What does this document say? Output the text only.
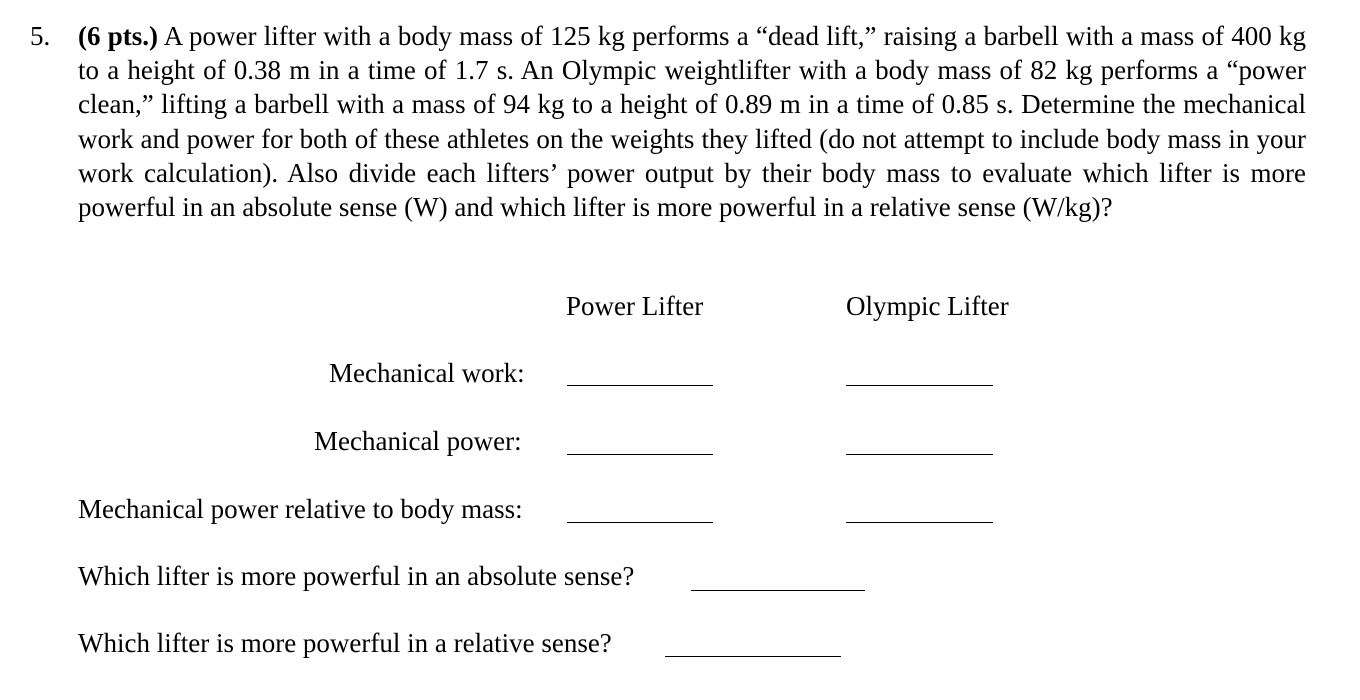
5. (6 pts.) A power lifter with a body mass of 125 kg performs a “dead lift,” raising a barbell with a mass of 400 kg to a height of 0.38 m in a time of 1.7 s. An Olympic weightlifter with a body mass of 82 kg performs a “power clean,” lifting a barbell with a mass of 94 kg to a height of 0.89 m in a time of 0.85 s. Determine the mechanical work and power for both of these athletes on the weights they lifted (do not attempt to include body mass in your work calculation). Also divide each lifters’ power output by their body mass to evaluate which lifter is more powerful in an absolute sense (W) and which lifter is more powerful in a relative sense (W/kg)?
Power Lifter	Olympic Lifter
Mechanical work:
Mechanical power:
Mechanical power relative to body mass:
Which lifter is more powerful in an absolute sense?
Which lifter is more powerful in a relative sense?
